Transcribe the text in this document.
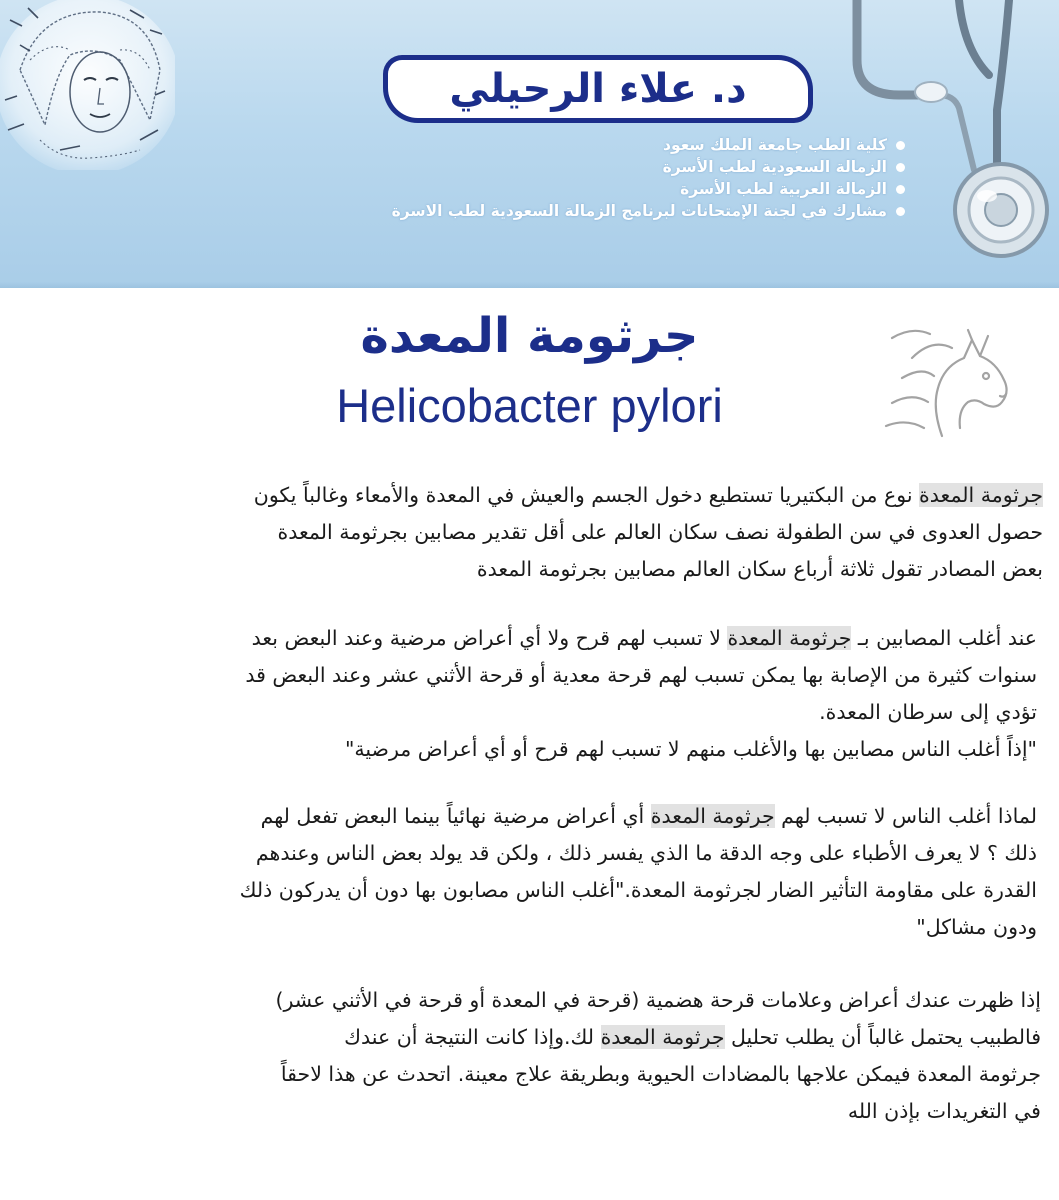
د. علاء الرحيلي
كلية الطب جامعة الملك سعود
الزمالة السعودية لطب الأسرة
الزمالة العربية لطب الأسرة
مشارك في لجنة الإمتحانات لبرنامج الزمالة السعودية لطب الاسرة
جرثومة المعدة
Helicobacter pylori
جرثومة المعدة نوع من البكتيريا تستطيع دخول الجسم والعيش في المعدة والأمعاء وغالباً يكون
حصول العدوى في سن الطفولة نصف سكان العالم على أقل تقدير مصابين بجرثومة المعدة
بعض المصادر تقول ثلاثة أرباع سكان العالم مصابين بجرثومة المعدة
عند أغلب المصابين بـ جرثومة المعدة لا تسبب لهم قرح ولا أي أعراض مرضية وعند البعض بعد
سنوات كثيرة من الإصابة بها يمكن تسبب لهم قرحة معدية أو قرحة الأثني عشر وعند البعض قد
تؤدي إلى سرطان المعدة.
"إذاً أغلب الناس مصابين بها والأغلب منهم لا تسبب لهم قرح أو أي أعراض مرضية"
لماذا أغلب الناس لا تسبب لهم جرثومة المعدة أي أعراض مرضية نهائياً بينما البعض تفعل لهم
ذلك ؟ لا يعرف الأطباء على وجه الدقة ما الذي يفسر ذلك ، ولكن قد يولد بعض الناس وعندهم
القدرة على مقاومة التأثير الضار لجرثومة المعدة."أغلب الناس مصابون بها دون أن يدركون ذلك
ودون مشاكل"
إذا ظهرت عندك أعراض وعلامات قرحة هضمية (قرحة في المعدة أو قرحة في الأثني عشر)
فالطبيب يحتمل غالباً أن يطلب تحليل جرثومة المعدة لك.وإذا كانت النتيجة أن عندك
جرثومة المعدة فيمكن علاجها بالمضادات الحيوية وبطريقة علاج معينة. اتحدث عن هذا لاحقاً
في التغريدات بإذن الله
